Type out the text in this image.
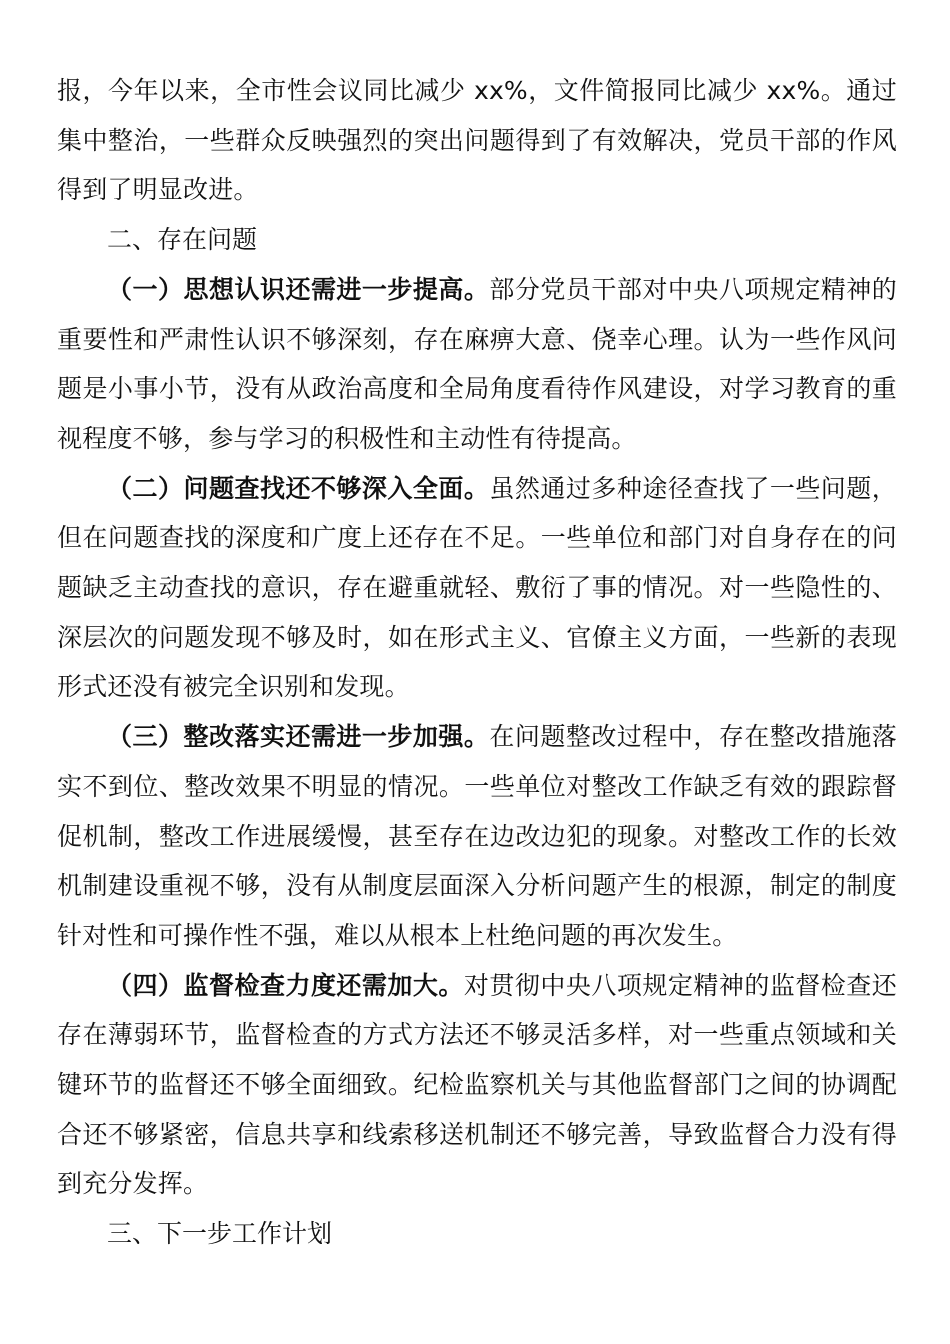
报，今年以来，全市性会议同比减少 xx%，文件简报同比减少 xx%。通过集中整治，一些群众反映强烈的突出问题得到了有效解决，党员干部的作风得到了明显改进。

二、存在问题

（一）思想认识还需进一步提高。部分党员干部对中央八项规定精神的重要性和严肃性认识不够深刻，存在麻痹大意、侥幸心理。认为一些作风问题是小事小节，没有从政治高度和全局角度看待作风建设，对学习教育的重视程度不够，参与学习的积极性和主动性有待提高。

（二）问题查找还不够深入全面。虽然通过多种途径查找了一些问题，但在问题查找的深度和广度上还存在不足。一些单位和部门对自身存在的问题缺乏主动查找的意识，存在避重就轻、敷衍了事的情况。对一些隐性的、深层次的问题发现不够及时，如在形式主义、官僚主义方面，一些新的表现形式还没有被完全识别和发现。

（三）整改落实还需进一步加强。在问题整改过程中，存在整改措施落实不到位、整改效果不明显的情况。一些单位对整改工作缺乏有效的跟踪督促机制，整改工作进展缓慢，甚至存在边改边犯的现象。对整改工作的长效机制建设重视不够，没有从制度层面深入分析问题产生的根源，制定的制度针对性和可操作性不强，难以从根本上杜绝问题的再次发生。

（四）监督检查力度还需加大。对贯彻中央八项规定精神的监督检查还存在薄弱环节，监督检查的方式方法还不够灵活多样，对一些重点领域和关键环节的监督还不够全面细致。纪检监察机关与其他监督部门之间的协调配合还不够紧密，信息共享和线索移送机制还不够完善，导致监督合力没有得到充分发挥。

三、下一步工作计划
